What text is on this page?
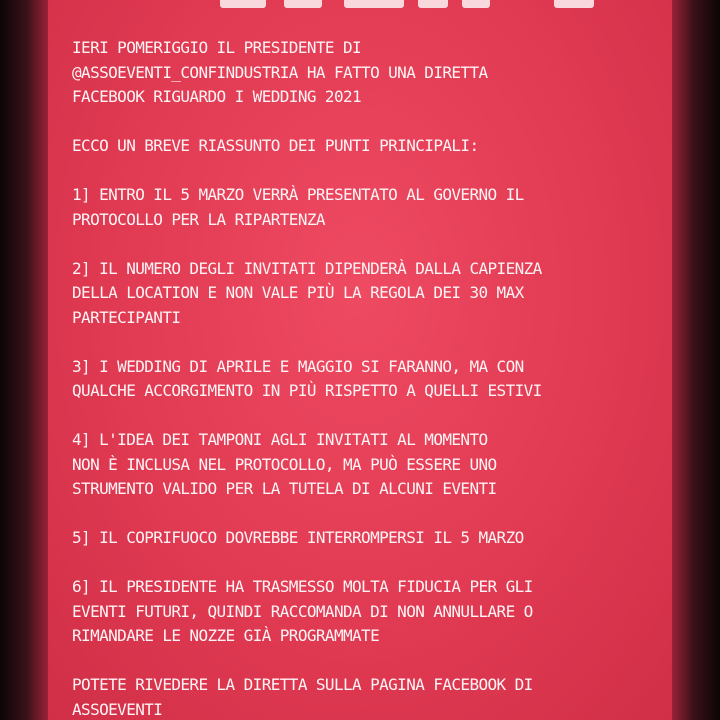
IERI POMERIGGIO IL PRESIDENTE DI
@ASSOEVENTI_CONFINDUSTRIA HA FATTO UNA DIRETTA
FACEBOOK RIGUARDO I WEDDING 2021

ECCO UN BREVE RIASSUNTO DEI PUNTI PRINCIPALI:

1] ENTRO IL 5 MARZO VERRÀ PRESENTATO AL GOVERNO IL
PROTOCOLLO PER LA RIPARTENZA

2] IL NUMERO DEGLI INVITATI DIPENDERÀ DALLA CAPIENZA
DELLA LOCATION E NON VALE PIÙ LA REGOLA DEI 30 MAX
PARTECIPANTI

3] I WEDDING DI APRILE E MAGGIO SI FARANNO, MA CON
QUALCHE ACCORGIMENTO IN PIÙ RISPETTO A QUELLI ESTIVI

4] L'IDEA DEI TAMPONI AGLI INVITATI AL MOMENTO
NON È INCLUSA NEL PROTOCOLLO, MA PUÒ ESSERE UNO
STRUMENTO VALIDO PER LA TUTELA DI ALCUNI EVENTI

5] IL COPRIFUOCO DOVREBBE INTERROMPERSI IL 5 MARZO

6] IL PRESIDENTE HA TRASMESSO MOLTA FIDUCIA PER GLI
EVENTI FUTURI, QUINDI RACCOMANDA DI NON ANNULLARE O
RIMANDARE LE NOZZE GIÀ PROGRAMMATE

POTETE RIVEDERE LA DIRETTA SULLA PAGINA FACEBOOK DI
ASSOEVENTI
